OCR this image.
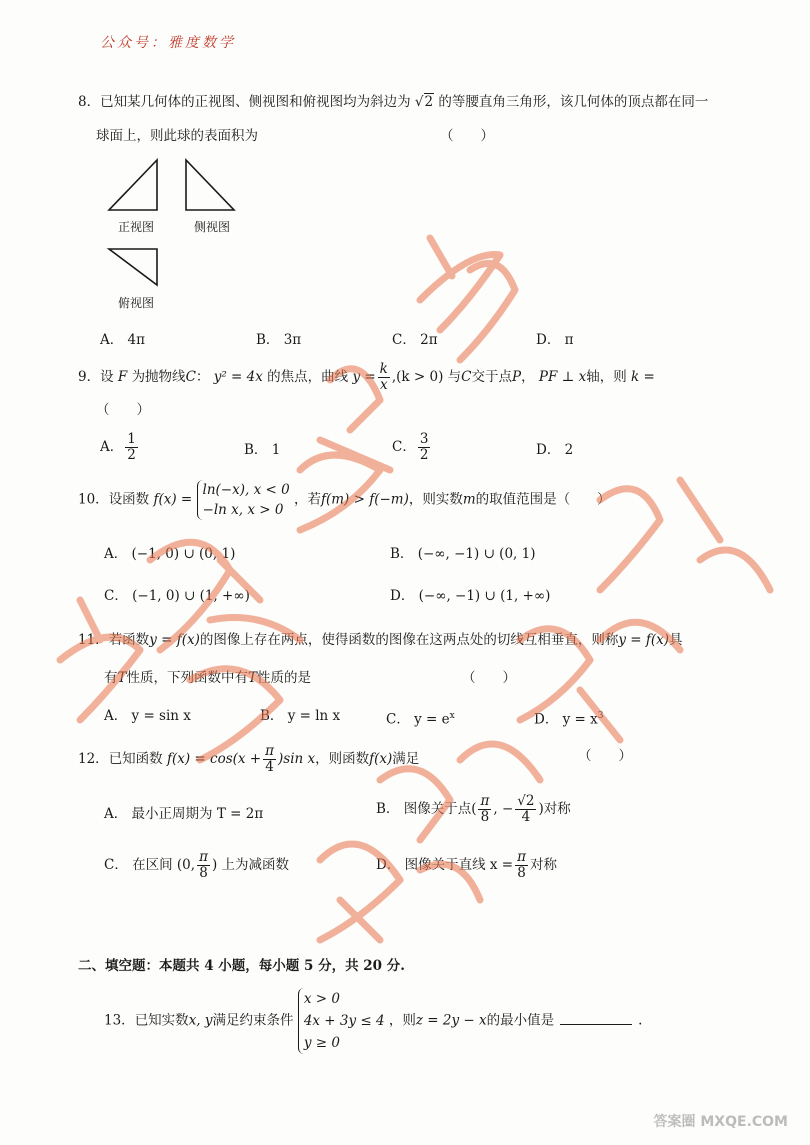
公众号：雅度数学
8．已知某几何体的正视图、侧视图和俯视图均为斜边为 √2 的等腰直角三角形，该几何体的顶点都在同一
球面上，则此球的表面积为	（　　）
正视图	侧视图
俯视图
A． 4π	B． 3π	C． 2π	D． π
9．设 F 为抛物线C： y² = 4x 的焦点，曲线 $y = \frac{k}{x} ,(k > 0)$ 与C交于点P， PF ⊥ x轴，则 k =
（　　）
A． $\frac{1}{2}$	B． 1	C． $\frac{3}{2}$	D． 2
10．设函数 f(x) = ln(−x), x < 0
−ln x, x > 0 ，若f(m) > f(−m)，则实数m的取值范围是（　　）
A． (−1, 0) ∪ (0, 1)	B． (−∞, −1) ∪ (0, 1)
C． (−1, 0) ∪ (1, +∞)	D． (−∞, −1) ∪ (1, +∞)
11．若函数y = f(x)的图像上存在两点，使得函数的图像在这两点处的切线互相垂直，则称y = f(x)具
有T性质，下列函数中有T性质的是	（　　）
A． y = sin x	B． y = ln x	C． $y = e^x$	D． $y = x^3$
12．已知函数 $f(x) = \cos(x + \frac{\pi}{4} )\sin$ x，则函数f(x)满足	（　　）
A． 最小正周期为 T = 2π	B． 图像关于点( $\frac{\pi}{8}$ , − $\frac{√2}{4}$ )对称
C． 在区间 (0, $\frac{\pi}{8}$ ) 上为减函数	D． 图像关于直线 $x = \frac{\pi}{8}$ 对称
二、填空题：本题共 4 小题，每小题 5 分，共 20 分.
13．已知实数x, y满足约束条件 x > 0
4x + 3y ≤ 4
y ≥ 0 ，则z = 2y − x的最小值是	.
答案圈 MXQE.COM
